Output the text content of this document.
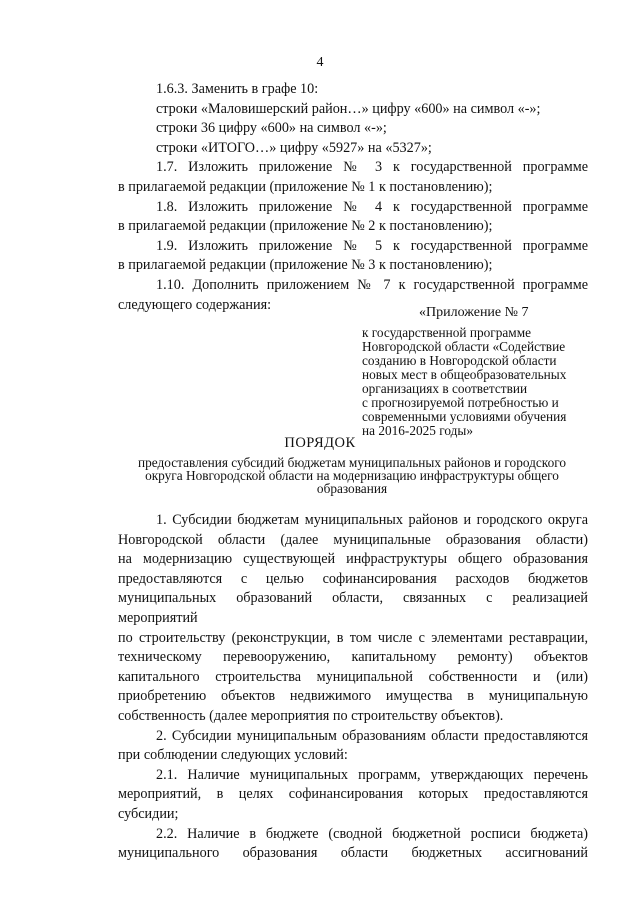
4

1.6.3. Заменить в графе 10:

строки «Маловишерский район…» цифру «600» на символ «-»;

строки 36 цифру «600» на символ «-»;

строки «ИТОГО…» цифру «5927» на «5327»;

1.7. Изложить приложение № 3 к государственной программе

в прилагаемой редакции (приложение № 1 к постановлению);

1.8. Изложить приложение № 4 к государственной программе

в прилагаемой редакции (приложение № 2 к постановлению);

1.9. Изложить приложение № 5 к государственной программе

в прилагаемой редакции (приложение № 3 к постановлению);

1.10. Дополнить приложением № 7 к государственной программе

следующего содержания:	«Приложение № 7

к государственной программе

Новгородской области «Содействие

созданию в Новгородской области

новых мест в общеобразовательных

организациях в соответствии

с прогнозируемой потребностью и

современными условиями обучения

на 2016-2025 годы»

ПОРЯДОК
предоставления субсидий бюджетам муниципальных районов и городского
округа Новгородской области на модернизацию инфраструктуры общего
образования

1. Субсидии бюджетам муниципальных районов и городского округа

Новгородской области (далее муниципальные образования области)

на модернизацию существующей инфраструктуры общего образования

предоставляются с целью софинансирования расходов бюджетов

муниципальных образований области, связанных с реализацией мероприятий

по строительству (реконструкции, в том числе с элементами реставрации,

техническому перевооружению, капитальному ремонту) объектов

капитального строительства муниципальной собственности и (или)

приобретению объектов недвижимого имущества в муниципальную

собственность (далее мероприятия по строительству объектов).

2. Субсидии муниципальным образованиям области предоставляются

при соблюдении следующих условий:

2.1. Наличие муниципальных программ, утверждающих перечень

мероприятий, в целях софинансирования которых предоставляются

субсидии;

2.2. Наличие в бюджете (сводной бюджетной росписи бюджета)

муниципального образования области бюджетных ассигнований
